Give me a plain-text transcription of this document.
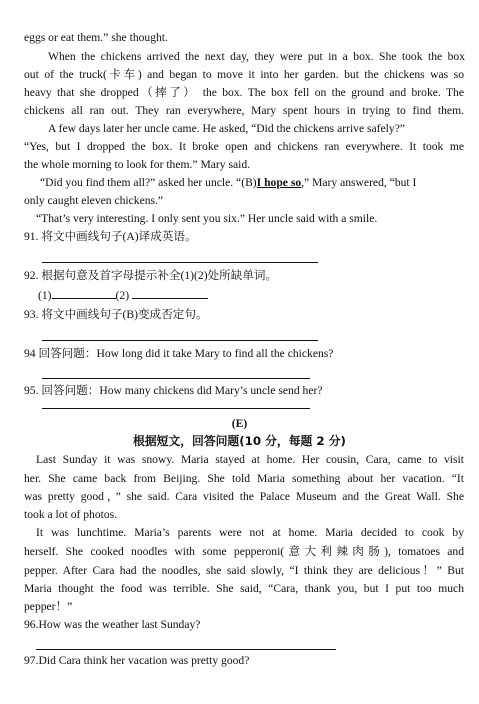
eggs or eat them.” she thought.
When the chickens arrived the next day, they were put in a box. She took the box
out of the truck(卡车) and began to move it into her garden. but the chickens was so
heavy that she dropped（摔了） the box. The box fell on the ground and broke. The
chickens all ran out. They ran everywhere, Mary spent hours in trying to find them.
A few days later her uncle came. He asked, “Did the chickens arrive safely?”
“Yes, but I dropped the box. It broke open and chickens ran everywhere. It took me
the whole morning to look for them.” Mary said.
“Did you find them all?” asked her uncle. “(B)I hope so,” Mary answered, “but I
only caught eleven chickens.”
“That’s very interesting. I only sent you six.” Her uncle said with a smile.
91. 将文中画线句子(A)译成英语。
92. 根据句意及首字母提示补全(1)(2)处所缺单词。
(1)	(2)
93. 将文中画线句子(B)变成否定句。
94 回答问题：How long did it take Mary to find all the chickens?
95. 回答问题：How many chickens did Mary’s uncle send her?
(E)
根据短文，回答问题(10 分，每题 2 分)
Last Sunday it was snowy. Maria stayed at home. Her cousin, Cara, came to visit
her. She came back from Beijing. She told Maria something about her vacation. “It
was pretty good，” she said. Cara visited the Palace Museum and the Great Wall. She
took a lot of photos.
It was lunchtime. Maria’s parents were not at home. Maria decided to cook by
herself. She cooked noodles with some pepperoni(意大利辣肉肠), tomatoes and
pepper. After Cara had the noodles, she said slowly, “I think they are delicious！” But
Maria thought the food was terrible. She said, “Cara, thank you, but I put too much
pepper！”
96.How was the weather last Sunday?
97.Did Cara think her vacation was pretty good?
